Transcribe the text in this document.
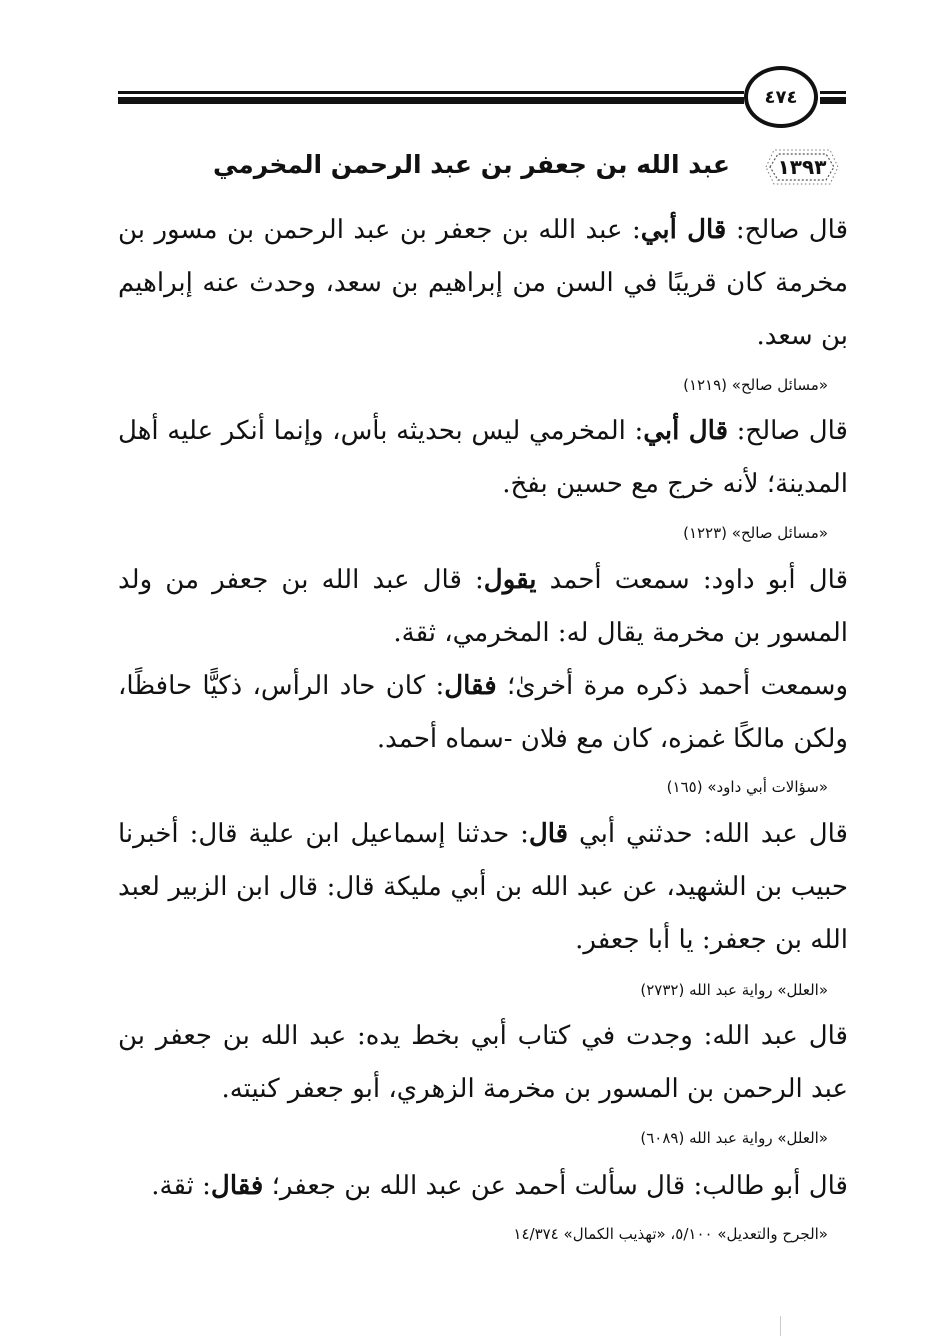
٤٧٤
١٣٩٣
عبد الله بن جعفر بن عبد الرحمن المخرمي
قال صالح: قال أبي: عبد الله بن جعفر بن عبد الرحمن بن مسور بن مخرمة كان قريبًا في السن من إبراهيم بن سعد، وحدث عنه إبراهيم بن سعد.
«مسائل صالح» (١٢١٩)
قال صالح: قال أبي: المخرمي ليس بحديثه بأس، وإنما أنكر عليه أهل المدينة؛ لأنه خرج مع حسين بفخ.
«مسائل صالح» (١٢٢٣)
قال أبو داود: سمعت أحمد يقول: قال عبد الله بن جعفر من ولد المسور بن مخرمة يقال له: المخرمي، ثقة.
وسمعت أحمد ذكره مرة أخرىٰ؛ فقال: كان حاد الرأس، ذكيًّا حافظًا، ولكن مالكًا غمزه، كان مع فلان -سماه أحمد.
«سؤالات أبي داود» (١٦٥)
قال عبد الله: حدثني أبي قال: حدثنا إسماعيل ابن علية قال: أخبرنا حبيب بن الشهيد، عن عبد الله بن أبي مليكة قال: قال ابن الزبير لعبد الله بن جعفر: يا أبا جعفر.
«العلل» رواية عبد الله (٢٧٣٢)
قال عبد الله: وجدت في كتاب أبي بخط يده: عبد الله بن جعفر بن عبد الرحمن بن المسور بن مخرمة الزهري، أبو جعفر كنيته.
«العلل» رواية عبد الله (٦٠٨٩)
قال أبو طالب: قال سألت أحمد عن عبد الله بن جعفر؛ فقال: ثقة.
«الجرح والتعديل» ٥/١٠٠، «تهذيب الكمال» ١٤/٣٧٤
